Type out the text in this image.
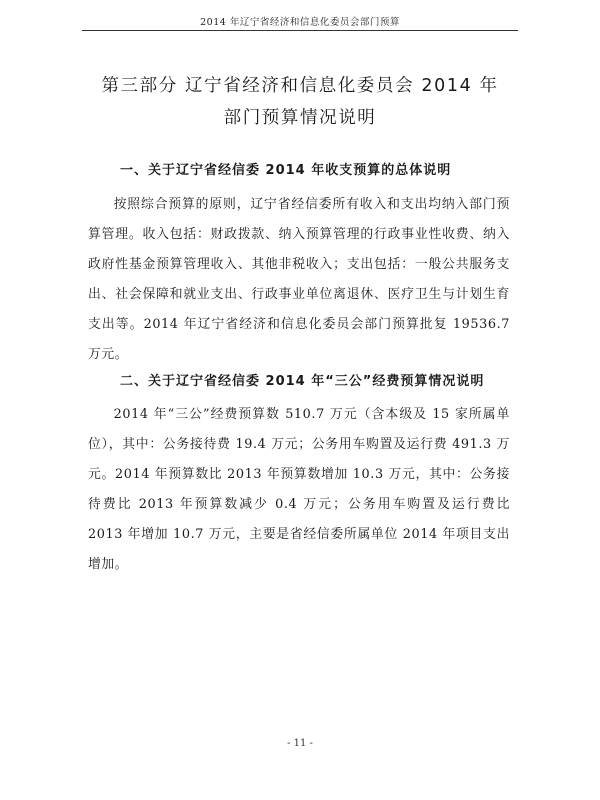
2014 年辽宁省经济和信息化委员会部门预算
第三部分 辽宁省经济和信息化委员会 2014 年
部门预算情况说明
一、关于辽宁省经信委 2014 年收支预算的总体说明

按照综合预算的原则，辽宁省经信委所有收入和支出均纳入部门预算管理。收入包括：财政拨款、纳入预算管理的行政事业性收费、纳入政府性基金预算管理收入、其他非税收入；支出包括：一般公共服务支出、社会保障和就业支出、行政事业单位离退休、医疗卫生与计划生育支出等。2014 年辽宁省经济和信息化委员会部门预算批复 19536.7 万元。

二、关于辽宁省经信委 2014 年“三公”经费预算情况说明

2014 年“三公”经费预算数 510.7 万元（含本级及 15 家所属单位），其中：公务接待费 19.4 万元；公务用车购置及运行费 491.3 万元。2014 年预算数比 2013 年预算数增加 10.3 万元，其中：公务接待费比 2013 年预算数减少 0.4 万元；公务用车购置及运行费比 2013 年增加 10.7 万元，主要是省经信委所属单位 2014 年项目支出增加。

- 11 -
